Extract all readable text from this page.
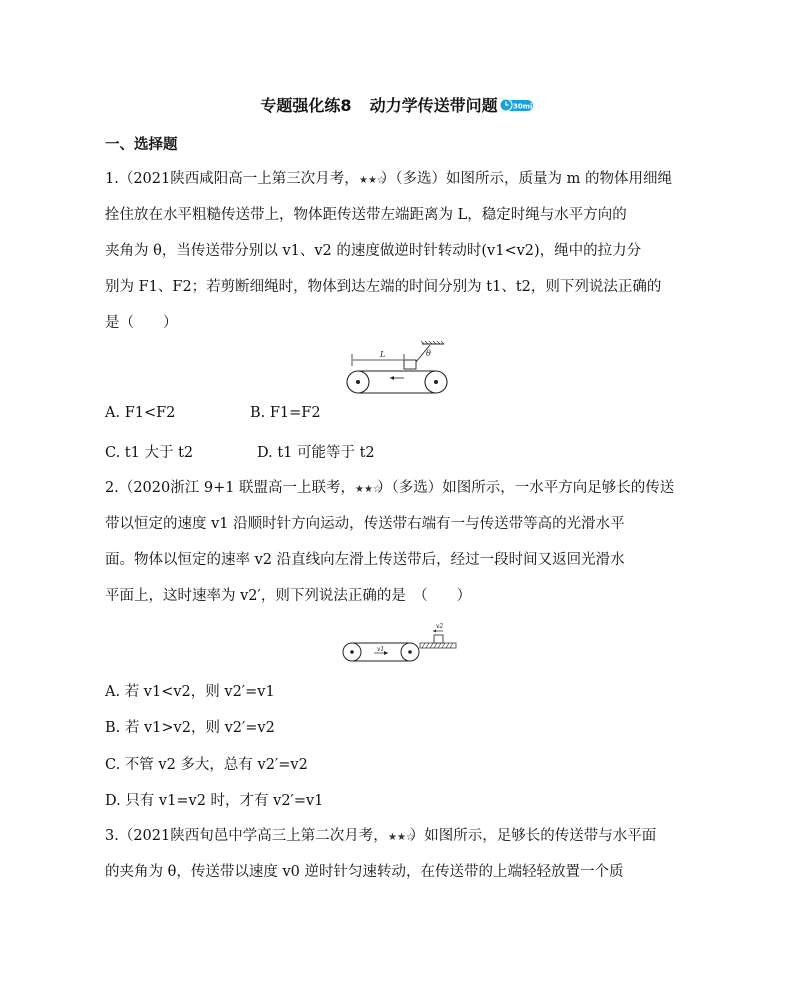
专题强化练8 动力学传送带问题 30min
一、选择题
1.（2021陕西咸阳高一上第三次月考， ★★☆
）（多选）如图所示，质量为 m 的物体用细绳
拴住放在水平粗糙传送带上，物体距传送带左端距离为 L，稳定时绳与水平方向的
夹角为 θ，当传送带分别以 v1、v2 的速度做逆时针转动时(v1<v2)，绳中的拉力分
别为 F1、F2；若剪断细绳时，物体到达左端的时间分别为 t1、t2，则下列说法正确的
是（　　）
L	θ
A. F1<F2	B. F1=F2
C. t1 大于 t2	D. t1 可能等于 t2
2.（2020浙江 9+1 联盟高一上联考， ★★☆
）（多选）如图所示，一水平方向足够长的传送
带以恒定的速度 v1 沿顺时针方向运动，传送带右端有一与传送带等高的光滑水平
面。物体以恒定的速率 v2 沿直线向左滑上传送带后，经过一段时间又返回光滑水
平面上，这时速率为 v2′，则下列说法正确的是　（　　）
v1
v2
A. 若 v1<v2，则 v2′=v1
B. 若 v1>v2，则 v2′=v2
C. 不管 v2 多大，总有 v2′=v2
D. 只有 v1=v2 时，才有 v2′=v1
3.（2021陕西旬邑中学高三上第二次月考， ★★☆
）如图所示，足够长的传送带与水平面
的夹角为 θ，传送带以速度 v0 逆时针匀速转动，在传送带的上端轻轻放置一个质
